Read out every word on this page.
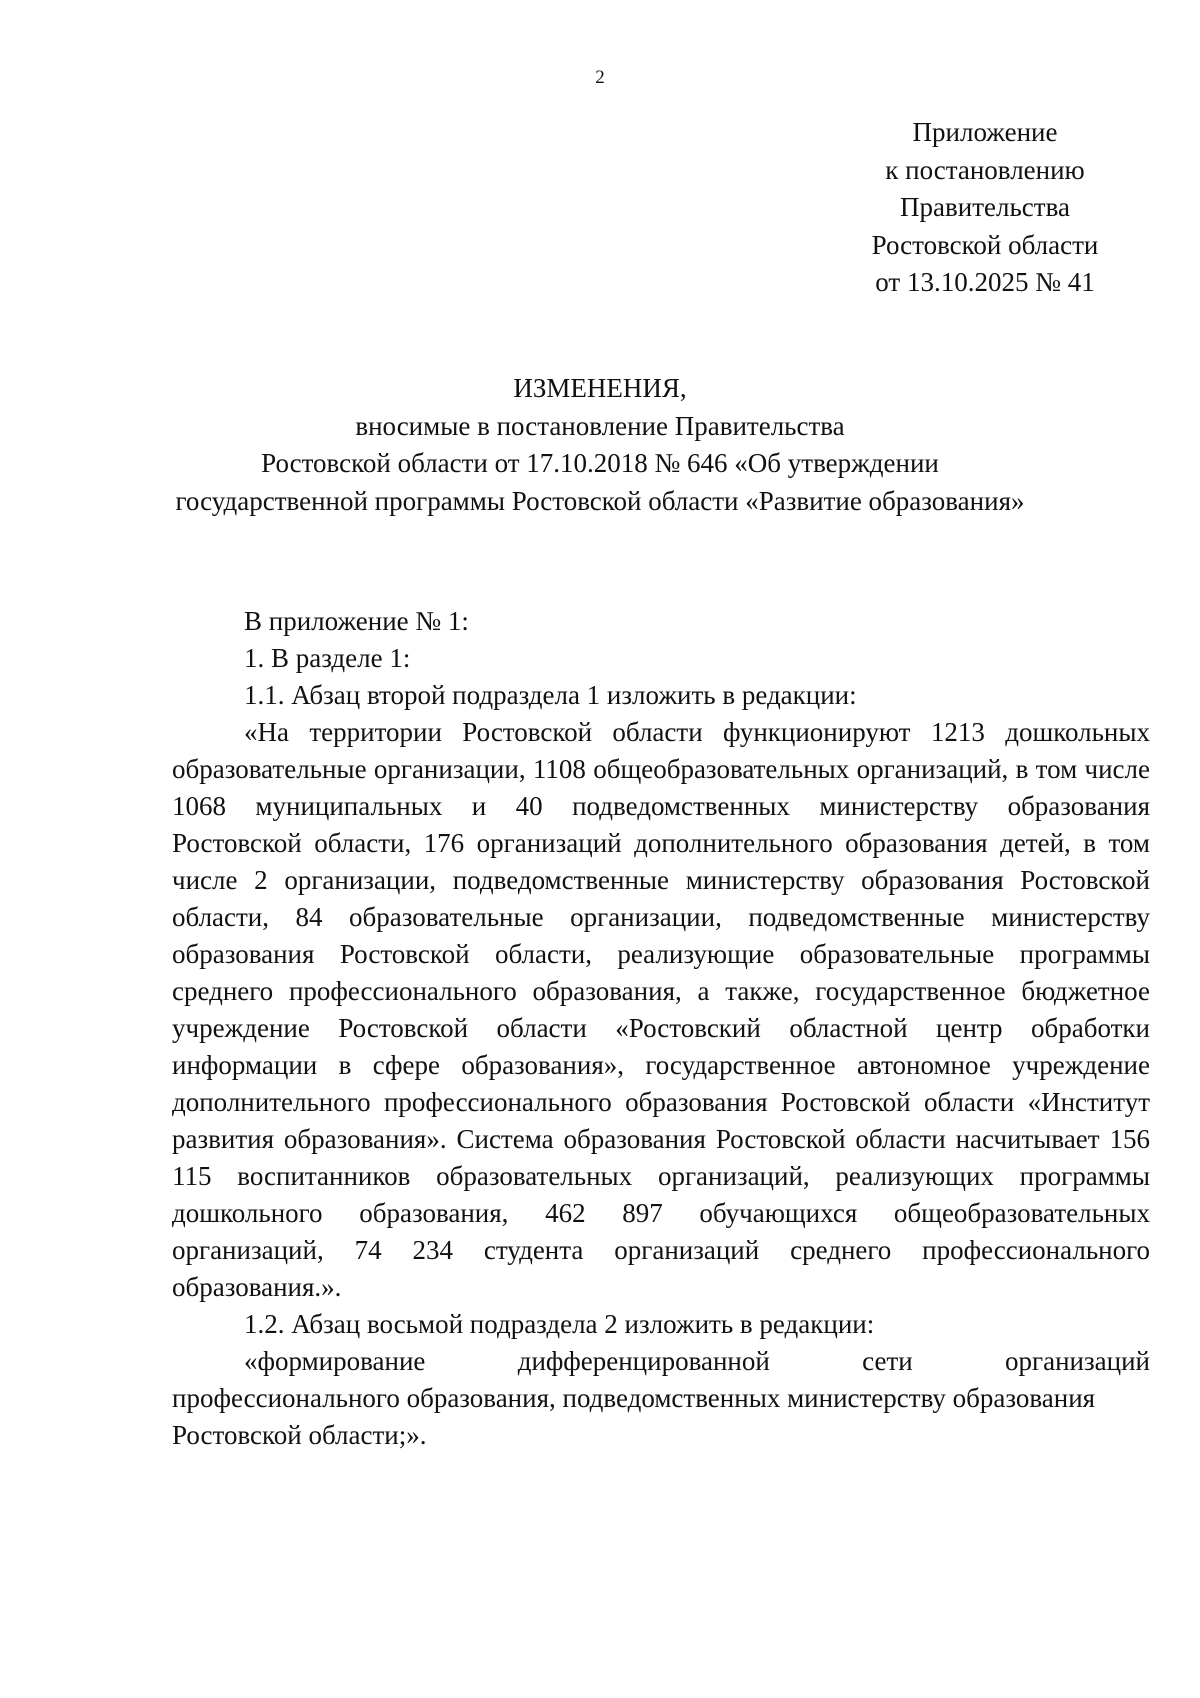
2
Приложение
к постановлению
Правительства
Ростовской области
от 13.10.2025 № 41
ИЗМЕНЕНИЯ,
вносимые в постановление Правительства
Ростовской области от 17.10.2018 № 646 «Об утверждении
государственной программы Ростовской области «Развитие образования»

В приложение № 1:

1. В разделе 1:

1.1. Абзац второй подраздела 1 изложить в редакции:

«На территории Ростовской области функционируют 1213 дошкольных образовательные организации, 1108 общеобразовательных организаций, в том числе 1068 муниципальных и 40 подведомственных министерству образования Ростовской области, 176 организаций дополнительного образования детей, в том числе 2 организации, подведомственные министерству образования Ростовской области, 84 образовательные организации, подведомственные министерству образования Ростовской области, реализующие образовательные программы среднего профессионального образования, а также, государственное бюджетное учреждение Ростовской области «Ростовский областной центр обработки информации в сфере образования», государственное автономное учреждение дополнительного профессионального образования Ростовской области «Институт развития образования». Система образования Ростовской области насчитывает 156 115 воспитанников образовательных организаций, реализующих программы дошкольного образования, 462 897 обучающихся общеобразовательных организаций, 74 234 студента организаций среднего профессионального образования.».

1.2. Абзац восьмой подраздела 2 изложить в редакции:

«формирование дифференцированной сети организаций

профессионального образования, подведомственных министерству образования Ростовской области;».
